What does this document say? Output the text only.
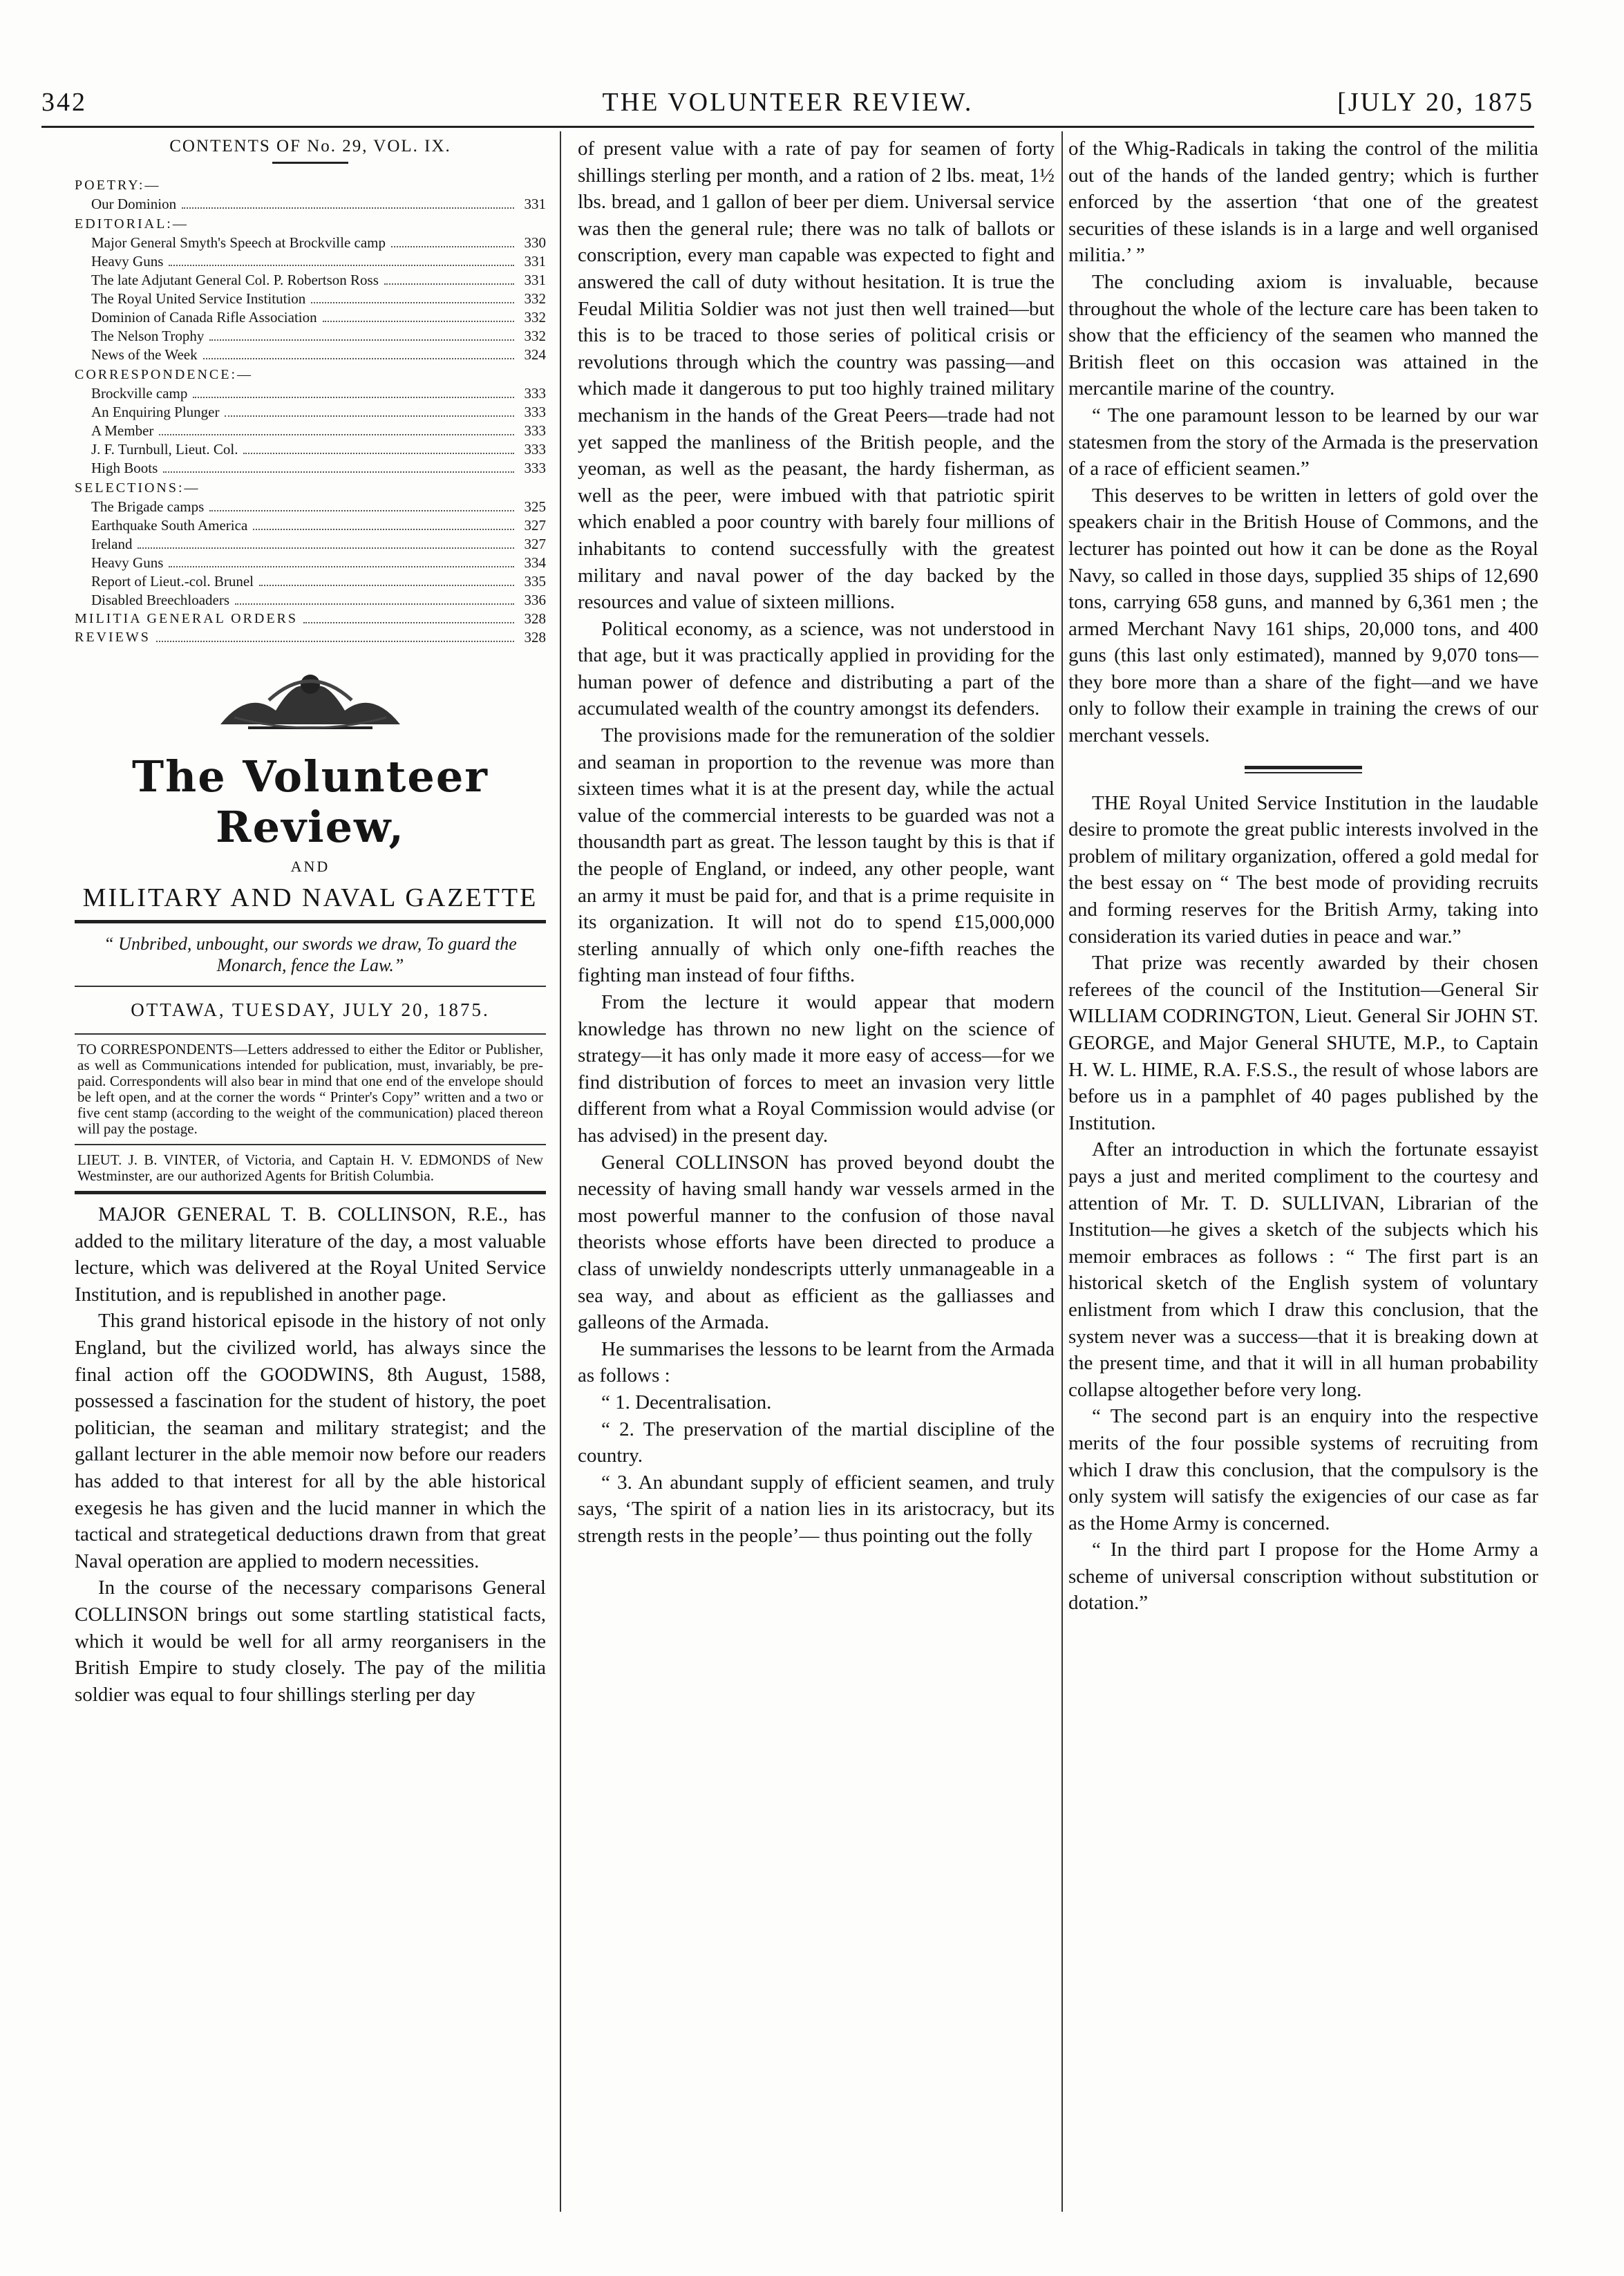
342	THE VOLUNTEER REVIEW.	[JULY 20, 1875
CONTENTS OF No. 29, VOL. IX.
POETRY:—
Our Dominion	331
EDITORIAL:—
Major General Smyth's Speech at Brockville camp	330
Heavy Guns	331
The late Adjutant General Col. P. Robertson Ross	331
The Royal United Service Institution	332
Dominion of Canada Rifle Association	332
The Nelson Trophy	332
News of the Week	324
CORRESPONDENCE:—
Brockville camp	333
An Enquiring Plunger	333
A Member	333
J. F. Turnbull, Lieut. Col.	333
High Boots	333
SELECTIONS:—
The Brigade camps	325
Earthquake South America	327
Ireland	327
Heavy Guns	334
Report of Lieut.-col. Brunel	335
Disabled Breechloaders	336
MILITIA GENERAL ORDERS	328
REVIEWS	328
The Volunteer Review,
AND
MILITARY AND NAVAL GAZETTE
“ Unbribed, unbought, our swords we draw, To guard the Monarch, fence the Law.”
OTTAWA, TUESDAY, JULY 20, 1875.
TO CORRESPONDENTS—Letters addressed to either the Editor or Publisher, as well as Communications intended for publication, must, invariably, be pre-paid. Correspondents will also bear in mind that one end of the envelope should be left open, and at the corner the words “ Printer's Copy” written and a two or five cent stamp (according to the weight of the communication) placed thereon will pay the postage.
LIEUT. J. B. VINTER, of Victoria, and Captain H. V. EDMONDS of New Westminster, are our authorized Agents for British Columbia.

MAJOR GENERAL T. B. COLLINSON, R.E., has added to the military literature of the day, a most valuable lecture, which was delivered at the Royal United Service Institution, and is republished in another page.

This grand historical episode in the history of not only England, but the civilized world, has always since the final action off the GOODWINS, 8th August, 1588, possessed a fascination for the student of history, the poet politician, the seaman and military strategist; and the gallant lecturer in the able memoir now before our readers has added to that interest for all by the able historical exegesis he has given and the lucid manner in which the tactical and strategetical deductions drawn from that great Naval operation are applied to modern necessities.

In the course of the necessary comparisons General COLLINSON brings out some startling statistical facts, which it would be well for all army reorganisers in the British Empire to study closely. The pay of the militia soldier was equal to four shillings sterling per day

of present value with a rate of pay for seamen of forty shillings sterling per month, and a ration of 2 lbs. meat, 1½ lbs. bread, and 1 gallon of beer per diem. Universal service was then the general rule; there was no talk of ballots or conscription, every man capable was expected to fight and answered the call of duty without hesitation. It is true the Feudal Militia Soldier was not just then well trained—but this is to be traced to those series of political crisis or revolutions through which the country was passing—and which made it dangerous to put too highly trained military mechanism in the hands of the Great Peers—trade had not yet sapped the manliness of the British people, and the yeoman, as well as the peasant, the hardy fisherman, as well as the peer, were imbued with that patriotic spirit which enabled a poor country with barely four millions of inhabitants to contend successfully with the greatest military and naval power of the day backed by the resources and value of sixteen millions.

Political economy, as a science, was not understood in that age, but it was practically applied in providing for the human power of defence and distributing a part of the accumulated wealth of the country amongst its defenders.

The provisions made for the remuneration of the soldier and seaman in proportion to the revenue was more than sixteen times what it is at the present day, while the actual value of the commercial interests to be guarded was not a thousandth part as great. The lesson taught by this is that if the people of England, or indeed, any other people, want an army it must be paid for, and that is a prime requisite in its organization. It will not do to spend £15,000,000 sterling annually of which only one-fifth reaches the fighting man instead of four fifths.

From the lecture it would appear that modern knowledge has thrown no new light on the science of strategy—it has only made it more easy of access—for we find distribution of forces to meet an invasion very little different from what a Royal Commission would advise (or has advised) in the present day.

General COLLINSON has proved beyond doubt the necessity of having small handy war vessels armed in the most powerful manner to the confusion of those naval theorists whose efforts have been directed to produce a class of unwieldy nondescripts utterly unmanageable in a sea way, and about as efficient as the galliasses and galleons of the Armada.

He summarises the lessons to be learnt from the Armada as follows :

“ 1. Decentralisation.

“ 2. The preservation of the martial discipline of the country.

“ 3. An abundant supply of efficient seamen, and truly says, ‘The spirit of a nation lies in its aristocracy, but its strength rests in the people’— thus pointing out the folly

of the Whig-Radicals in taking the control of the militia out of the hands of the landed gentry; which is further enforced by the assertion ‘that one of the greatest securities of these islands is in a large and well organised militia.’ ”

The concluding axiom is invaluable, because throughout the whole of the lecture care has been taken to show that the efficiency of the seamen who manned the British fleet on this occasion was attained in the mercantile marine of the country.

“ The one paramount lesson to be learned by our war statesmen from the story of the Armada is the preservation of a race of efficient seamen.”

This deserves to be written in letters of gold over the speakers chair in the British House of Commons, and the lecturer has pointed out how it can be done as the Royal Navy, so called in those days, supplied 35 ships of 12,690 tons, carrying 658 guns, and manned by 6,361 men ; the armed Merchant Navy 161 ships, 20,000 tons, and 400 guns (this last only estimated), manned by 9,070 tons—they bore more than a share of the fight—and we have only to follow their example in training the crews of our merchant vessels.

THE Royal United Service Institution in the laudable desire to promote the great public interests involved in the problem of military organization, offered a gold medal for the best essay on “ The best mode of providing recruits and forming reserves for the British Army, taking into consideration its varied duties in peace and war.”

That prize was recently awarded by their chosen referees of the council of the Institution—General Sir WILLIAM CODRINGTON, Lieut. General Sir JOHN ST. GEORGE, and Major General SHUTE, M.P., to Captain H. W. L. HIME, R.A. F.S.S., the result of whose labors are before us in a pamphlet of 40 pages published by the Institution.

After an introduction in which the fortunate essayist pays a just and merited compliment to the courtesy and attention of Mr. T. D. SULLIVAN, Librarian of the Institution—he gives a sketch of the subjects which his memoir embraces as follows : “ The first part is an historical sketch of the English system of voluntary enlistment from which I draw this conclusion, that the system never was a success—that it is breaking down at the present time, and that it will in all human probability collapse altogether before very long.

“ The second part is an enquiry into the respective merits of the four possible systems of recruiting from which I draw this conclusion, that the compulsory is the only system will satisfy the exigencies of our case as far as the Home Army is concerned.

“ In the third part I propose for the Home Army a scheme of universal conscription without substitution or dotation.”
